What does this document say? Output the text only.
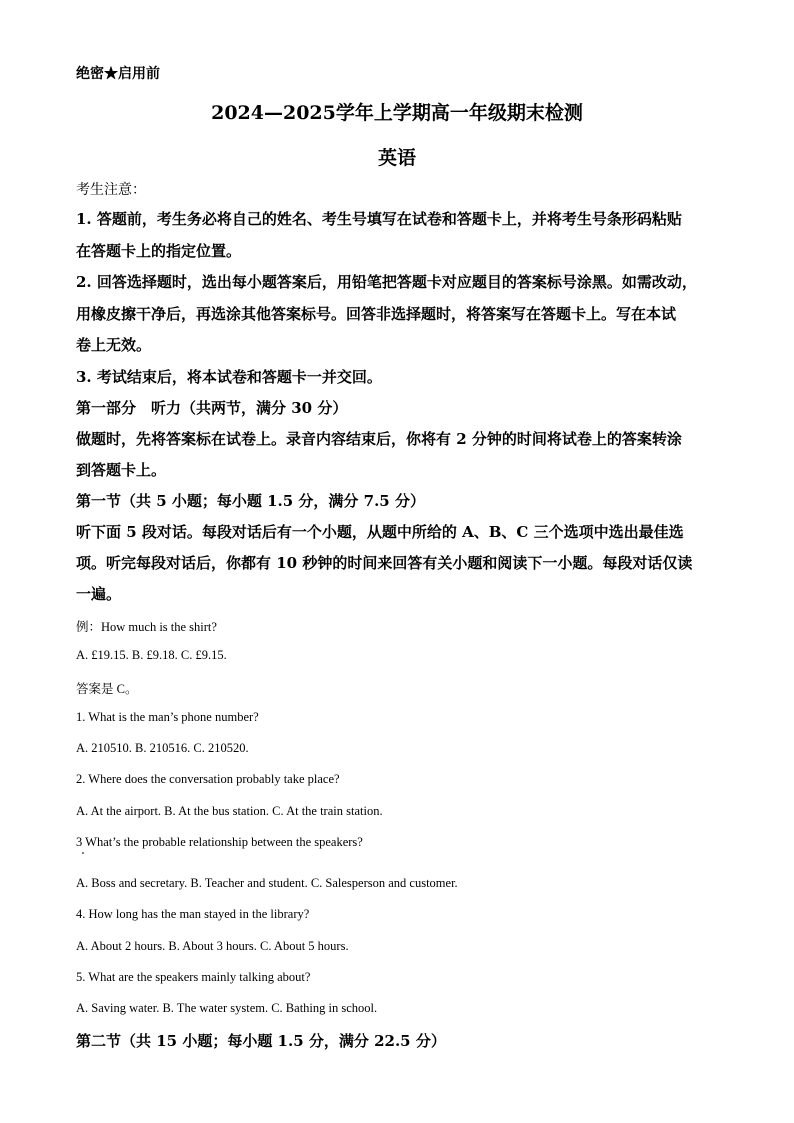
绝密★启用前
2024—2025学年上学期高一年级期末检测
英语
考生注意：
1. 答题前，考生务必将自己的姓名、考生号填写在试卷和答题卡上，并将考生号条形码粘贴
在答题卡上的指定位置。
2. 回答选择题时，选出每小题答案后，用铅笔把答题卡对应题目的答案标号涂黑。如需改动，
用橡皮擦干净后，再选涂其他答案标号。回答非选择题时，将答案写在答题卡上。写在本试
卷上无效。
3. 考试结束后，将本试卷和答题卡一并交回。
第一部分　听力（共两节，满分 30 分）
做题时，先将答案标在试卷上。录音内容结束后，你将有 2 分钟的时间将试卷上的答案转涂
到答题卡上。
第一节（共 5 小题；每小题 1.5 分，满分 7.5 分）
听下面 5 段对话。每段对话后有一个小题，从题中所给的 A、B、C 三个选项中选出最佳选
项。听完每段对话后，你都有 10 秒钟的时间来回答有关小题和阅读下一小题。每段对话仅读
一遍。
例：How much is the shirt?
A. £19.15. B. £9.18. C. £9.15.
答案是 C。
1. What is the man’s phone number?
A. 210510. B. 210516. C. 210520.
2. Where does the conversation probably take place?
A. At the airport. B. At the bus station. C. At the train station.
3 What’s the probable relationship between the speakers?
A. Boss and secretary. B. Teacher and student. C. Salesperson and customer.
4. How long has the man stayed in the library?
A. About 2 hours. B. About 3 hours. C. About 5 hours.
5. What are the speakers mainly talking about?
A. Saving water. B. The water system. C. Bathing in school.
第二节（共 15 小题；每小题 1.5 分，满分 22.5 分）
